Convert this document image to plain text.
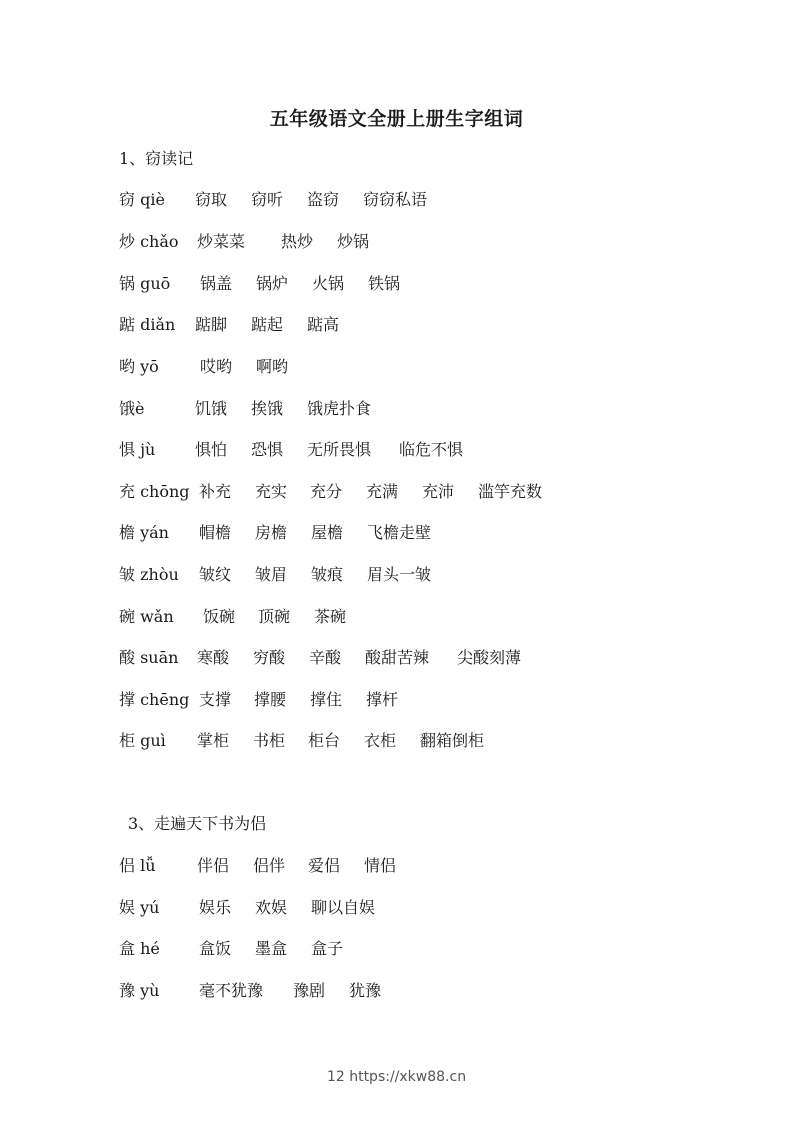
五年级语文全册上册生字组词
1、窃读记
窃 qiè 窃取 窃听 盗窃 窃窃私语
炒 chǎo 炒菜菜 热炒 炒锅
锅 guō 锅盖 锅炉 火锅 铁锅
踮 diǎn 踮脚 踮起 踮高
哟 yō	哎哟 啊哟
饿è	饥饿 挨饿 饿虎扑食
惧 jù 惧怕 恐惧 无所畏惧 临危不惧
充 chōng 补充 充实 充分 充满 充沛 滥竽充数
檐 yán 帽檐 房檐 屋檐 飞檐走壁
皱 zhòu 皱纹 皱眉 皱痕 眉头一皱
碗 wǎn 饭碗 顶碗 茶碗
酸 suān 寒酸 穷酸 辛酸 酸甜苦辣 尖酸刻薄
撑 chēng 支撑 撑腰 撑住 撑杆
柜 guì 掌柜 书柜 柜台 衣柜 翻箱倒柜
3、走遍天下书为侣
侣 lǚ	伴侣 侣伴 爱侣 情侣
娱 yú 娱乐 欢娱 聊以自娱
盒 hé 盒饭 墨盒 盒子
豫 yù 毫不犹豫 豫剧 犹豫
12 https://xkw88.cn
